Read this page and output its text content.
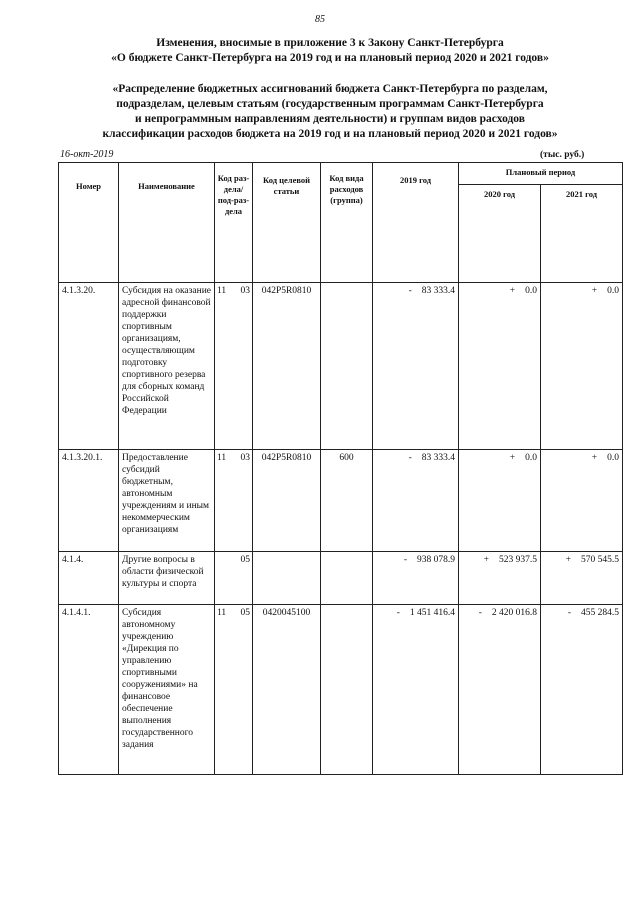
85
Изменения, вносимые в приложение 3 к Закону Санкт-Петербурга
«О бюджете Санкт-Петербурга на 2019 год и на плановый период 2020 и 2021 годов»
«Распределение бюджетных ассигнований бюджета Санкт-Петербурга по разделам,
подразделам, целевым статьям (государственным программам Санкт-Петербурга
и непрограммным направлениям деятельности) и группам видов расходов
классификации расходов бюджета на 2019 год и на плановый период 2020 и 2021 годов»
16-окт-2019	(тыс. руб.)
Номер	Наименование	Код раз-дела/ под-раз-дела	Код целевой статьи	Код вида расходов (группа)	2019 год	Плановый период	
						2020 год	2021 год
4.1.3.20.	Субсидия на оказание адресной финансовой поддержки спортивным организациям, осуществляющим подготовку спортивного резерва для сборных команд Российской Федерации	11 03	042P5R0810		- 83 333.4	+ 0.0	+ 0.0
4.1.3.20.1.	Предоставление субсидий бюджетным, автономным учреждениям и иным некоммерческим организациям	11 03	042P5R0810	600	- 83 333.4	+ 0.0	+ 0.0
4.1.4.	Другие вопросы в области физической культуры и спорта	05			- 938 078.9	+ 523 937.5	+ 570 545.5
4.1.4.1.	Субсидия автономному учреждению «Дирекция по управлению спортивными сооружениями» на финансовое обеспечение выполнения государственного задания	11 05	0420045100		- 1 451 416.4	- 2 420 016.8	- 455 284.5
